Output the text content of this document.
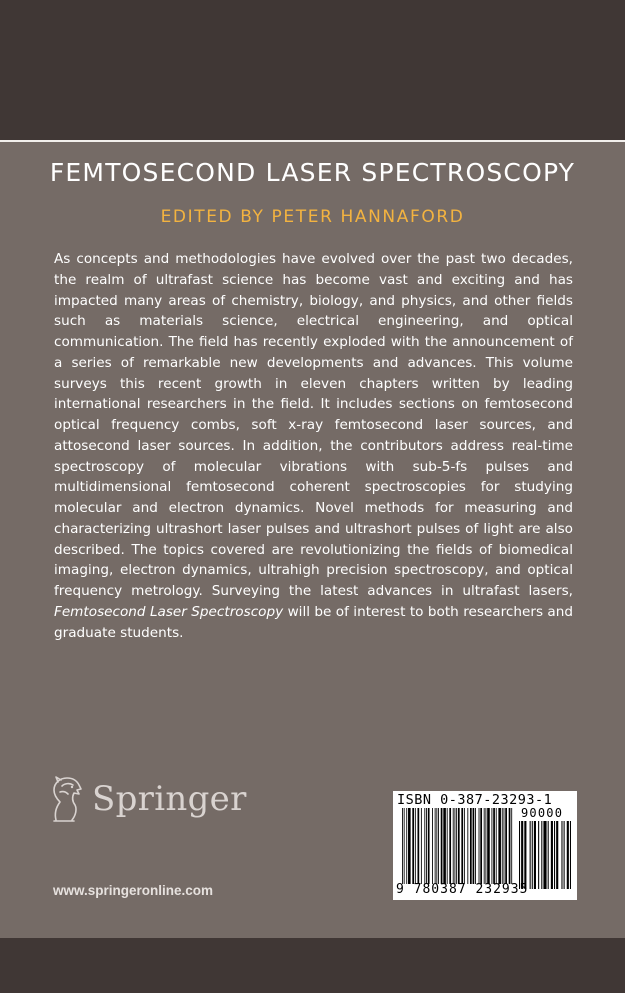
FEMTOSECOND LASER SPECTROSCOPY
EDITED BY PETER HANNAFORD

As concepts and methodologies have evolved over the past two decades, the realm of ultrafast science has become vast and exciting and has impacted many areas of chemistry, biology, and physics, and other fields such as materials science, electrical engineering, and optical communication. The field has recently exploded with the announcement of a series of remarkable new developments and advances. This volume surveys this recent growth in eleven chapters written by leading international researchers in the field. It includes sections on femtosecond optical frequency combs, soft x-ray femtosecond laser sources, and attosecond laser sources. In addition, the contributors address real-time spectroscopy of molecular vibrations with sub-5-fs pulses and multidimensional femtosecond coherent spectroscopies for studying molecular and electron dynamics. Novel methods for measuring and characterizing ultrashort laser pulses and ultrashort pulses of light are also described. The topics covered are revolutionizing the fields of biomedical imaging, electron dynamics, ultrahigh precision spectroscopy, and optical frequency metrology. Surveying the latest advances in ultrafast lasers, Femtosecond Laser Spectroscopy will be of interest to both researchers and graduate students.

Springer
www.springeronline.com
ISBN 0-387-23293-1
90000
9 780387 232935
